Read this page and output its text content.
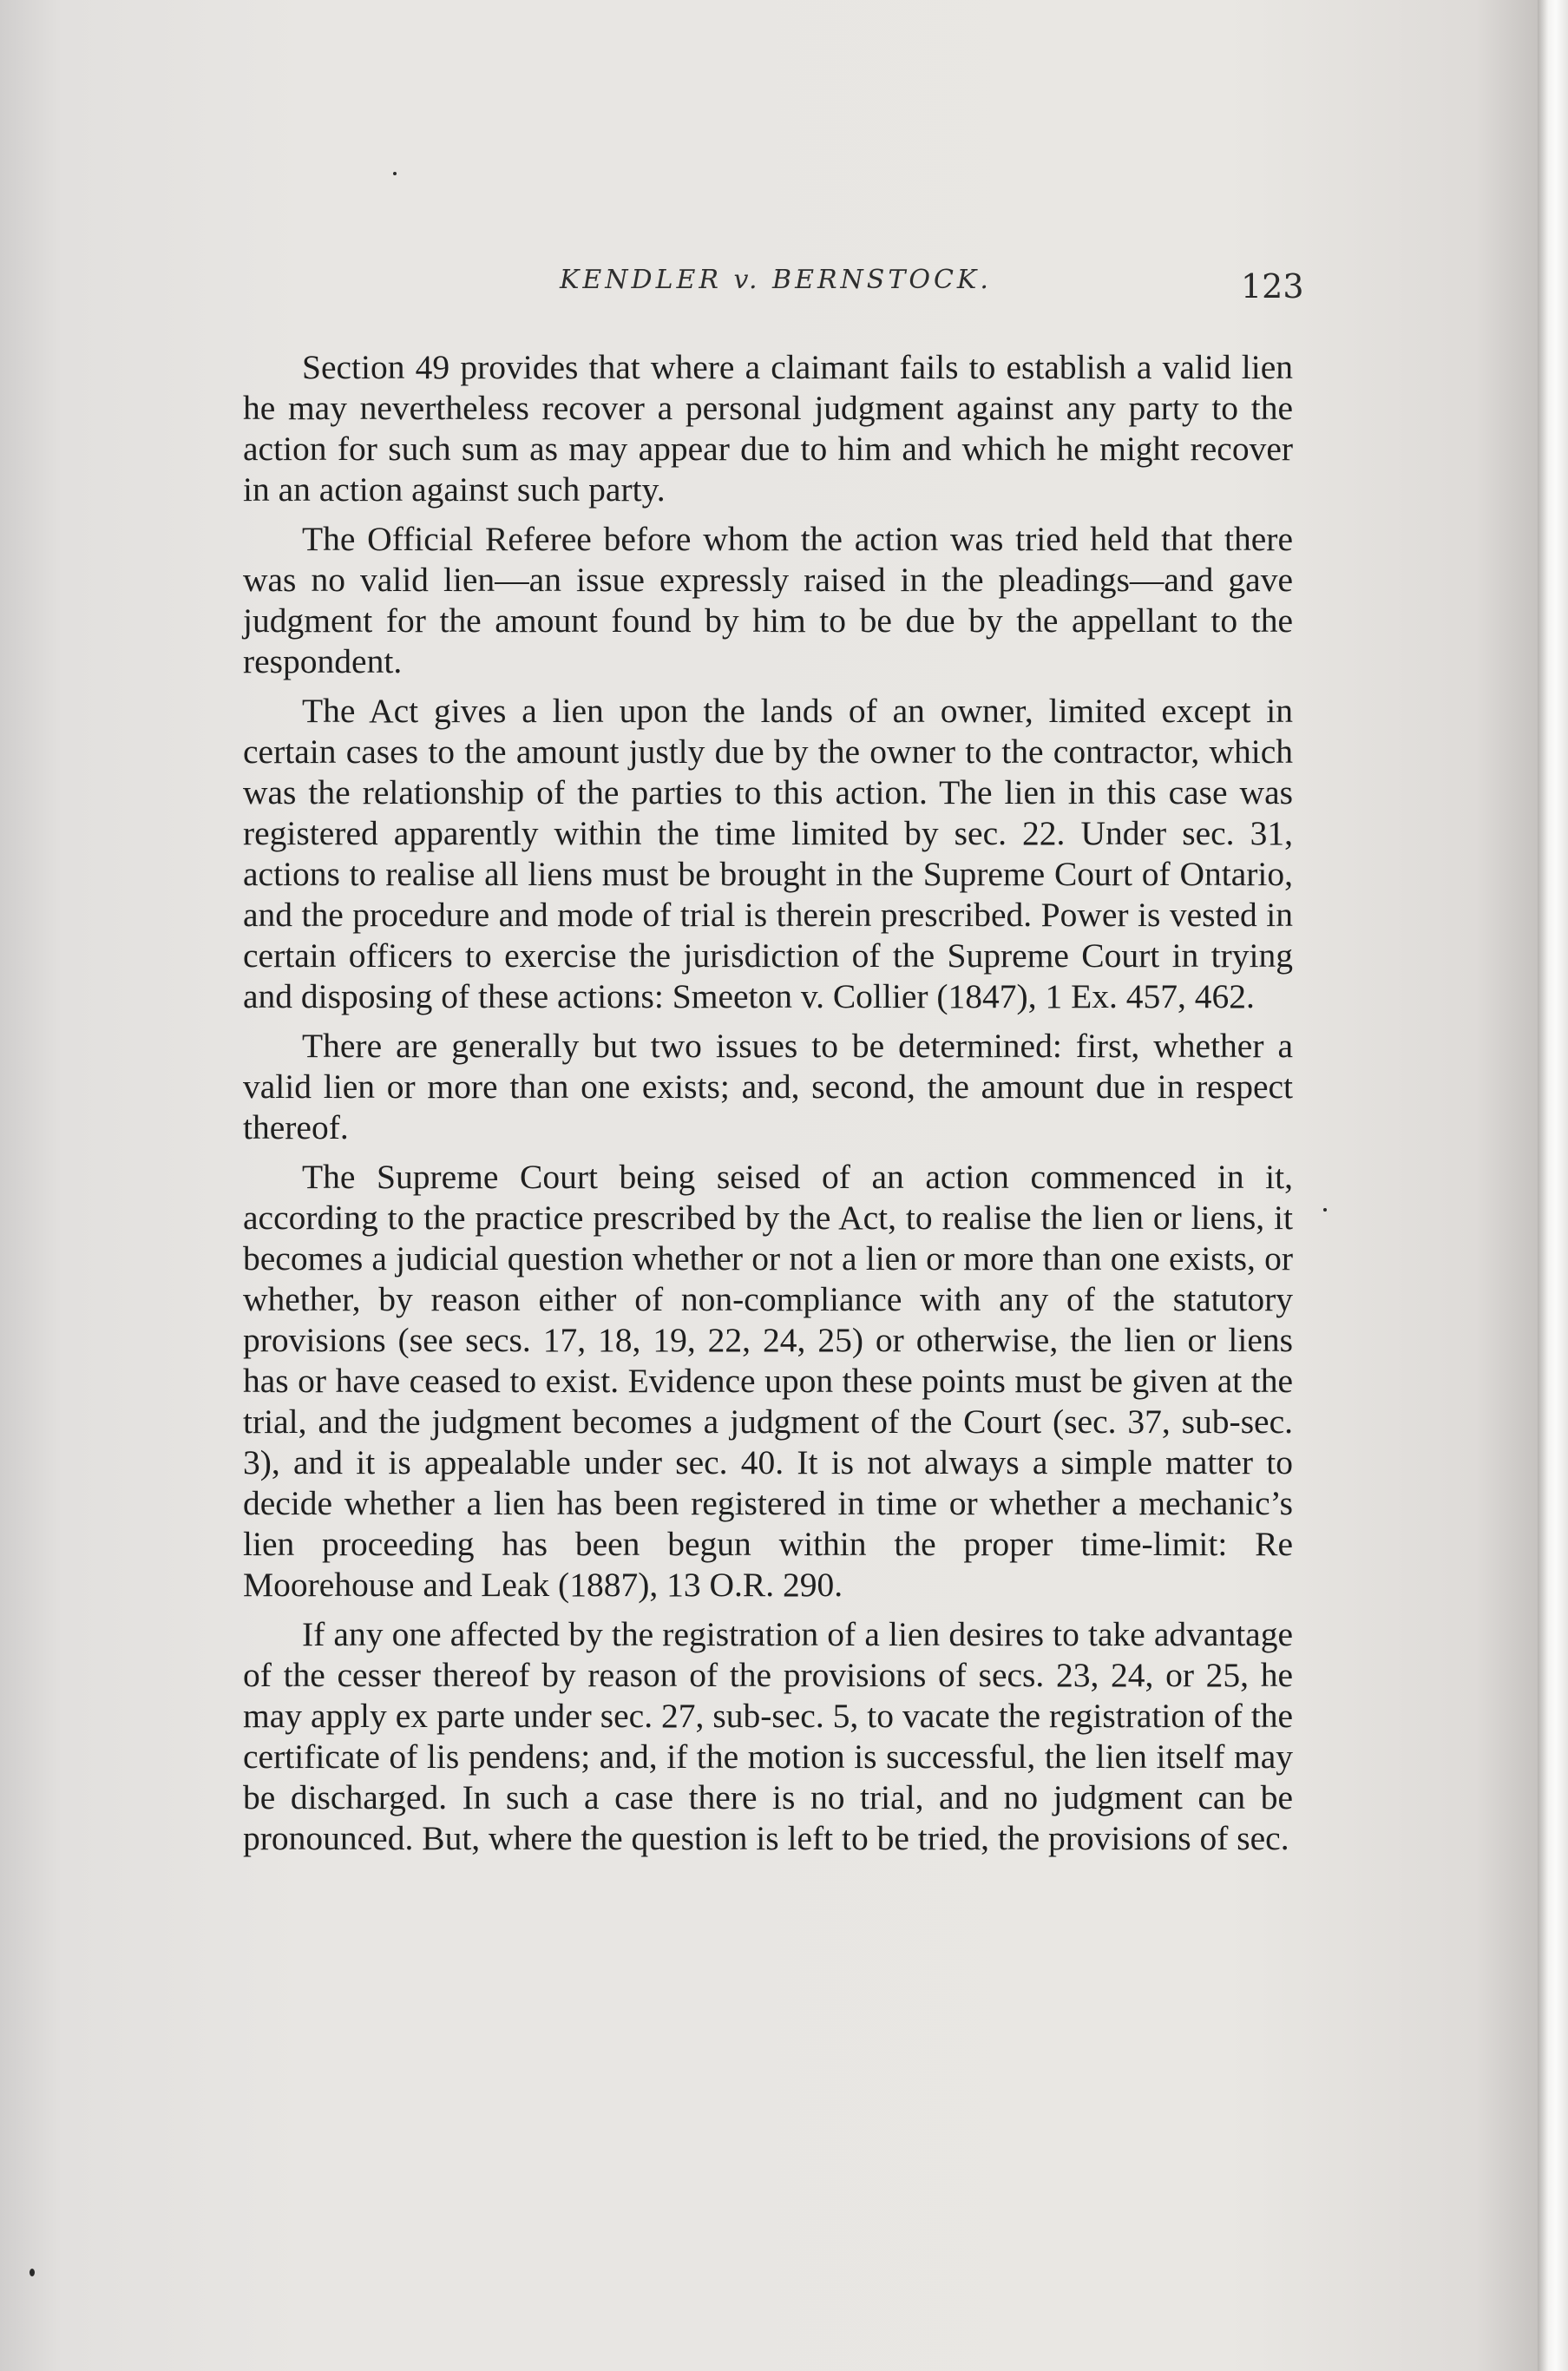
KENDLER v. BERNSTOCK.	123

Section 49 provides that where a claimant fails to establish a valid lien he may nevertheless recover a personal judgment against any party to the action for such sum as may appear due to him and which he might recover in an action against such party.

The Official Referee before whom the action was tried held that there was no valid lien—an issue expressly raised in the pleadings—and gave judgment for the amount found by him to be due by the appellant to the respondent.

The Act gives a lien upon the lands of an owner, limited except in certain cases to the amount justly due by the owner to the contractor, which was the relationship of the parties to this action. The lien in this case was registered apparently within the time limited by sec. 22. Under sec. 31, actions to realise all liens must be brought in the Supreme Court of Ontario, and the procedure and mode of trial is therein prescribed. Power is vested in certain officers to exercise the jurisdiction of the Supreme Court in trying and disposing of these actions: Smeeton v. Collier (1847), 1 Ex. 457, 462.

There are generally but two issues to be determined: first, whether a valid lien or more than one exists; and, second, the amount due in respect thereof.

The Supreme Court being seised of an action commenced in it, according to the practice prescribed by the Act, to realise the lien or liens, it becomes a judicial question whether or not a lien or more than one exists, or whether, by reason either of non-compliance with any of the statutory provisions (see secs. 17, 18, 19, 22, 24, 25) or otherwise, the lien or liens has or have ceased to exist. Evidence upon these points must be given at the trial, and the judgment becomes a judgment of the Court (sec. 37, sub-sec. 3), and it is appealable under sec. 40. It is not always a simple matter to decide whether a lien has been registered in time or whether a mechanic’s lien proceeding has been begun within the proper time-limit: Re Moorehouse and Leak (1887), 13 O.R. 290.

If any one affected by the registration of a lien desires to take advantage of the cesser thereof by reason of the provisions of secs. 23, 24, or 25, he may apply ex parte under sec. 27, sub-sec. 5, to vacate the registration of the certificate of lis pendens; and, if the motion is successful, the lien itself may be discharged. In such a case there is no trial, and no judgment can be pronounced. But, where the question is left to be tried, the provisions of sec.
